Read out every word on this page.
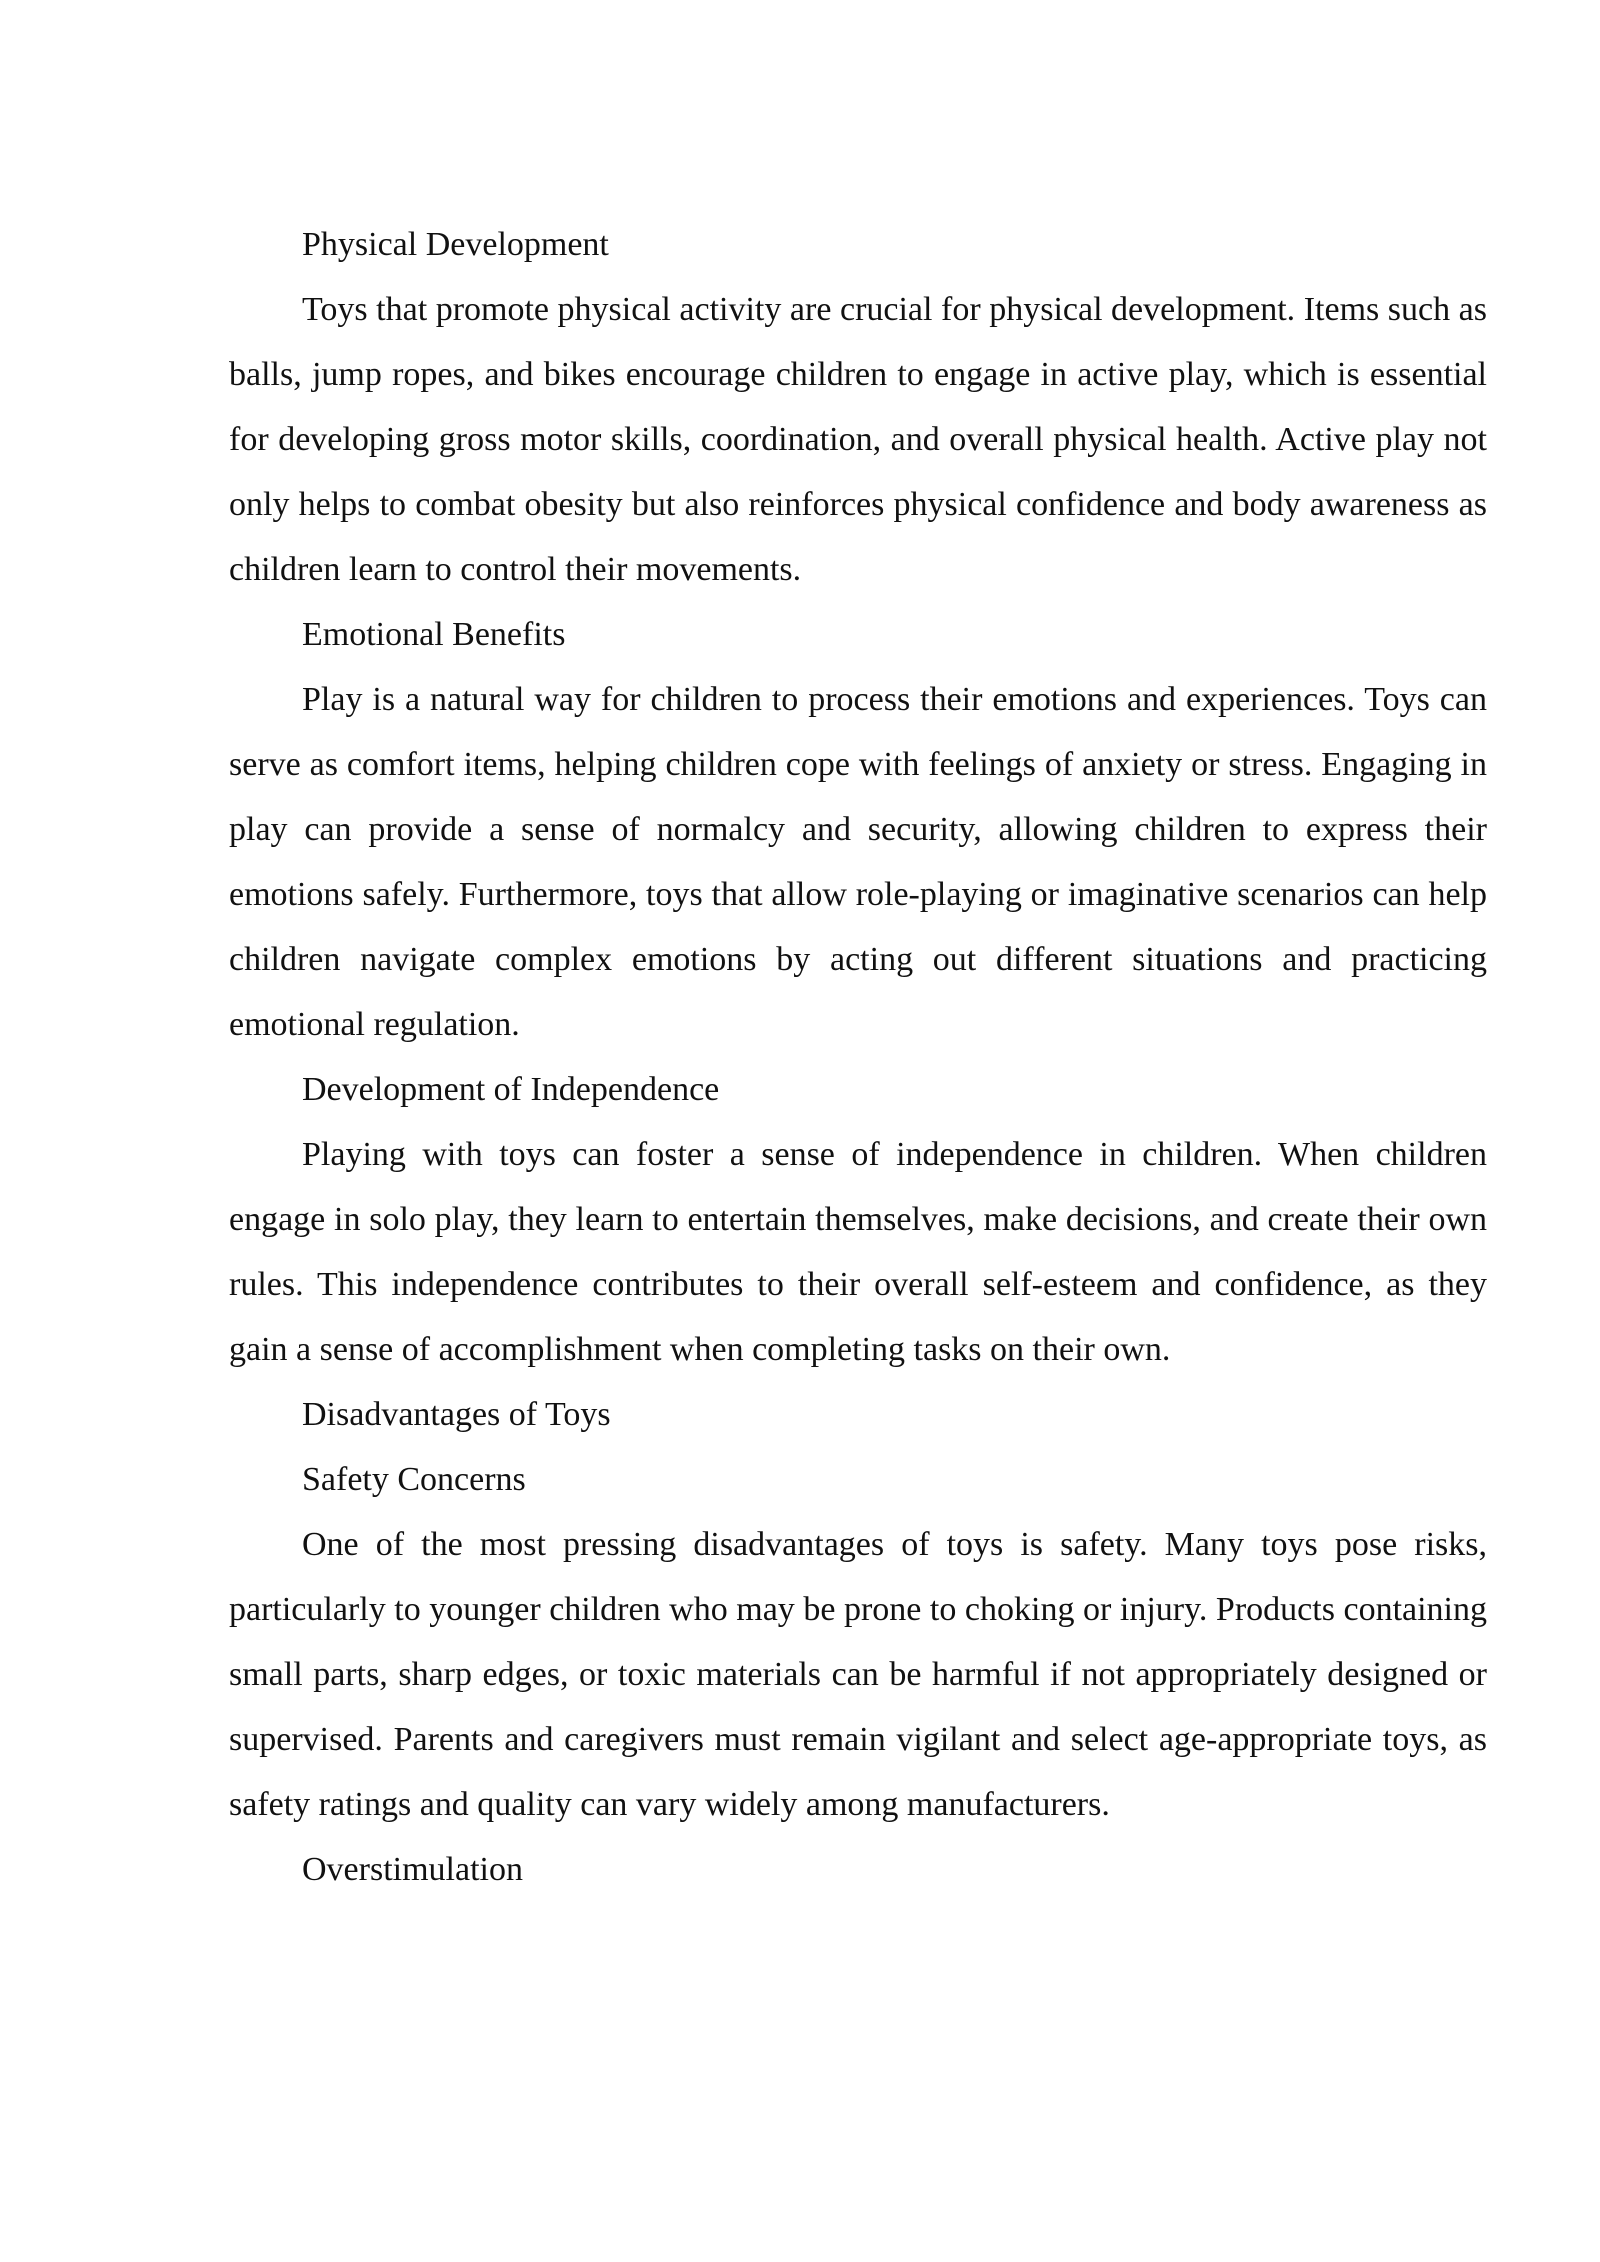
Physical Development

Toys that promote physical activity are crucial for physical development. Items such as balls, jump ropes, and bikes encourage children to engage in active play, which is essential for developing gross motor skills, coordination, and overall physical health. Active play not only helps to combat obesity but also reinforces physical confidence and body awareness as children learn to control their movements.

Emotional Benefits

Play is a natural way for children to process their emotions and experiences. Toys can serve as comfort items, helping children cope with feelings of anxiety or stress. Engaging in play can provide a sense of normalcy and security, allowing children to express their emotions safely. Furthermore, toys that allow role-playing or imaginative scenarios can help children navigate complex emotions by acting out different situations and practicing emotional regulation.

Development of Independence

Playing with toys can foster a sense of independence in children. When children engage in solo play, they learn to entertain themselves, make decisions, and create their own rules. This independence contributes to their overall self-esteem and confidence, as they gain a sense of accomplishment when completing tasks on their own.

Disadvantages of Toys

Safety Concerns

One of the most pressing disadvantages of toys is safety. Many toys pose risks, particularly to younger children who may be prone to choking or injury. Products containing small parts, sharp edges, or toxic materials can be harmful if not appropriately designed or supervised. Parents and caregivers must remain vigilant and select age-appropriate toys, as safety ratings and quality can vary widely among manufacturers.

Overstimulation
